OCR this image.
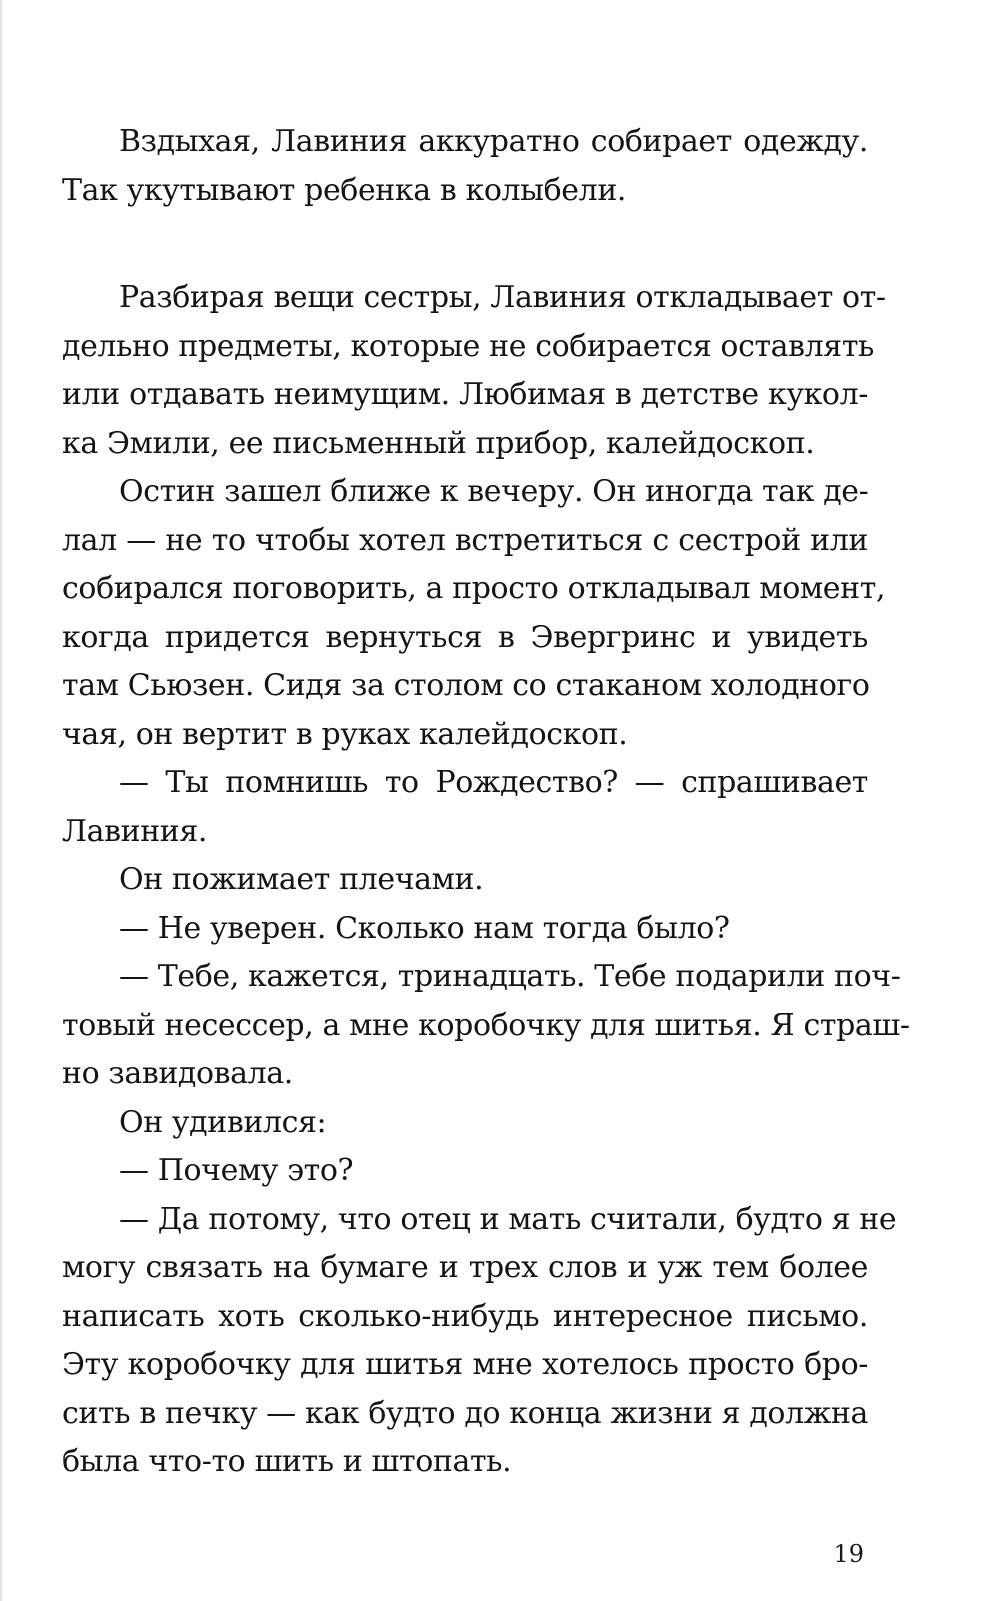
Вздыхая, Лавиния аккуратно собирает одежду.
Так укутывают ребенка в колыбели.

Разбирая вещи сестры, Лавиния откладывает от-
дельно предметы, которые не собирается оставлять
или отдавать неимущим. Любимая в детстве кукол-
ка Эмили, ее письменный прибор, калейдоскоп.

Остин зашел ближе к вечеру. Он иногда так де-
лал — не то чтобы хотел встретиться с сестрой или
собирался поговорить, а просто откладывал момент,
когда придется вернуться в Эвергринс и увидеть
там Сьюзен. Сидя за столом со стаканом холодного
чая, он вертит в руках калейдоскоп.

— Ты помнишь то Рождество? — спрашивает
Лавиния.

Он пожимает плечами.

— Не уверен. Сколько нам тогда было?

— Тебе, кажется, тринадцать. Тебе подарили поч-
товый несессер, а мне коробочку для шитья. Я страш-
но завидовала.

Он удивился:

— Почему это?

— Да потому, что отец и мать считали, будто я не
могу связать на бумаге и трех слов и уж тем более
написать хоть сколько-нибудь интересное письмо.
Эту коробочку для шитья мне хотелось просто бро-
сить в печку — как будто до конца жизни я должна
была что-то шить и штопать.

19
